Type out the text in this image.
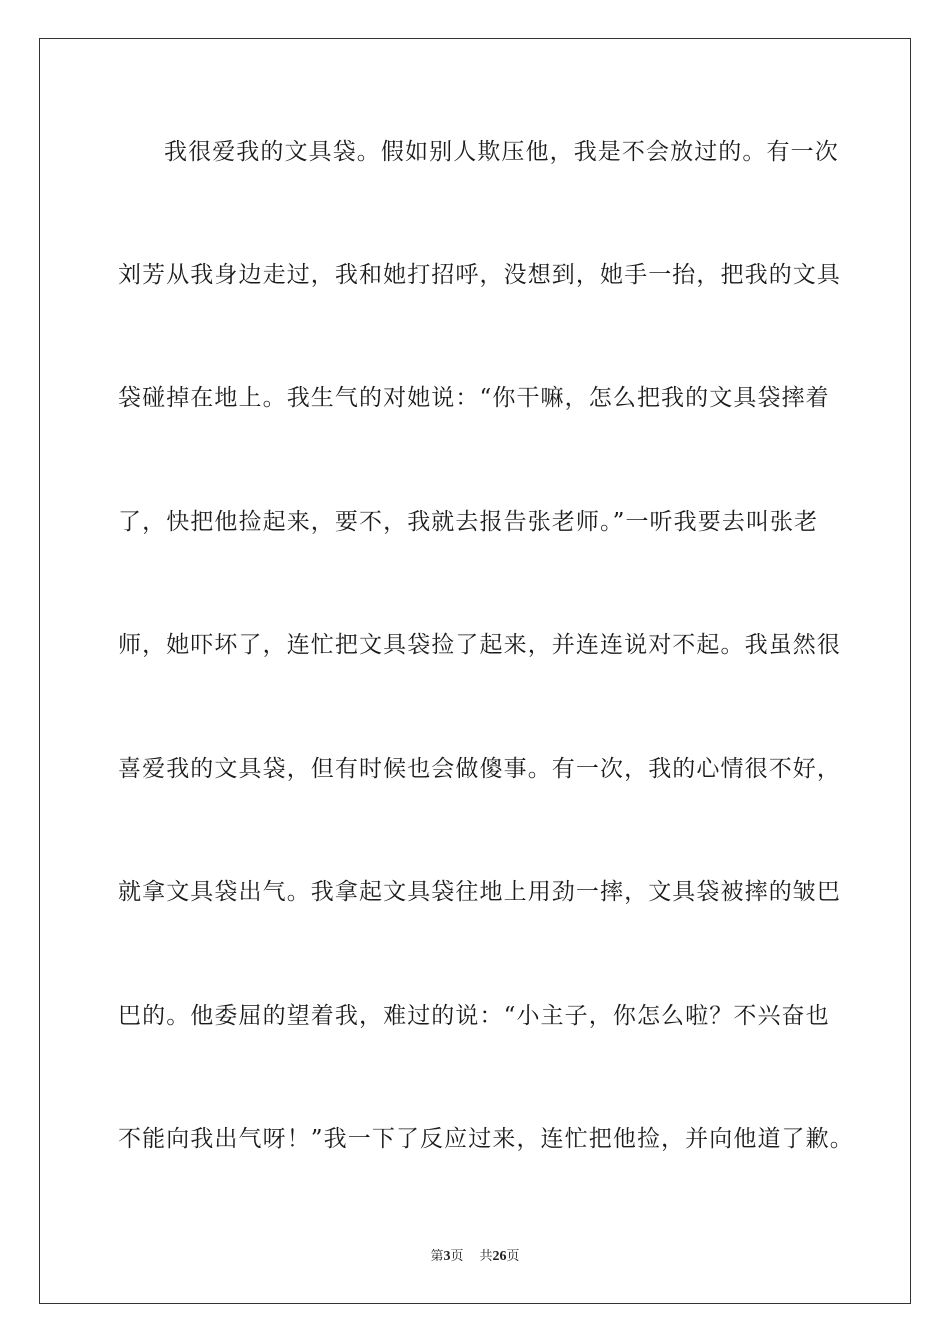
我很爱我的文具袋。假如别人欺压他，我是不会放过的。有一次
刘芳从我身边走过，我和她打招呼，没想到，她手一抬，把我的文具
袋碰掉在地上。我生气的对她说：“你干嘛，怎么把我的文具袋摔着
了，快把他捡起来，要不，我就去报告张老师。”一听我要去叫张老
师，她吓坏了，连忙把文具袋捡了起来，并连连说对不起。我虽然很
喜爱我的文具袋，但有时候也会做傻事。有一次，我的心情很不好，
就拿文具袋出气。我拿起文具袋往地上用劲一摔，文具袋被摔的皱巴
巴的。他委屈的望着我，难过的说：“小主子，你怎么啦？不兴奋也
不能向我出气呀！”我一下了反应过来，连忙把他捡，并向他道了歉。
第3页 共26页
